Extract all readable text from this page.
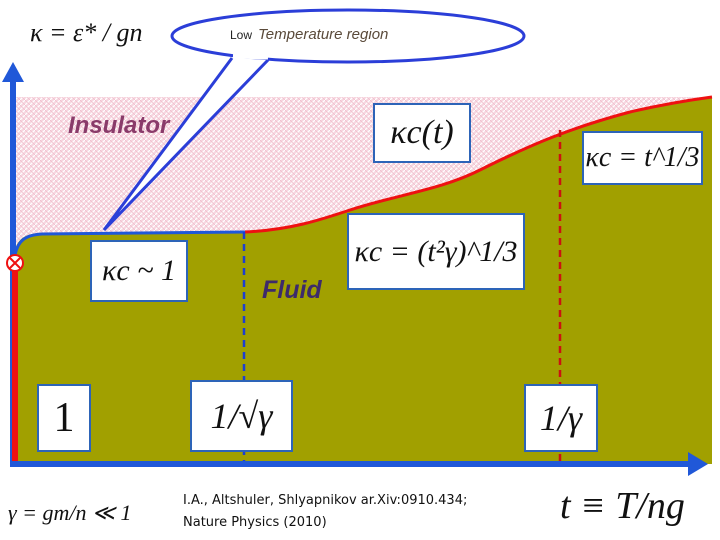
κ = ε* / gn	Low Temperature region
Insulator
Fluid
κc(t)
κc = t^1/3
κc ~ 1
κc = (t²γ)^1/3
1	1/√γ	1/γ
γ = gm/n ≪ 1	t ≡ T/ng
I.A., Altshuler, Shlyapnikov ar.Xiv:0910.434;
Nature Physics (2010)
